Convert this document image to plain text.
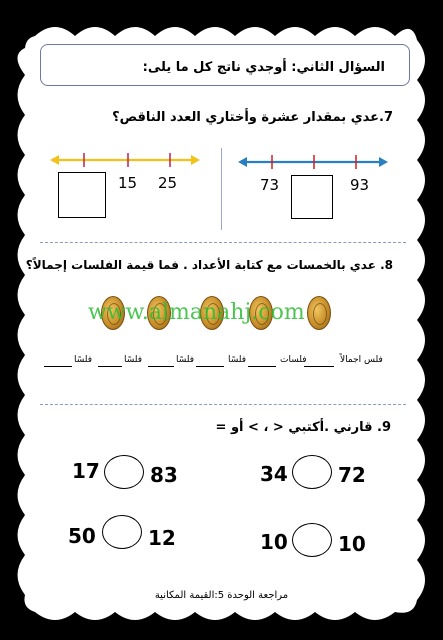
السؤال الثاني: أوجدي ناتج كل ما يلى:
7.عدي بمقدار عشرة وأختاري العدد الناقص؟
73	93
15 25
8. عدي بالخمسات مع كتابة الأعداد . فما قيمة الفلسات إجمالاً؟
www.almanahj.com
فلس اجمالاً
فلسات
فلسًا
فلسًا
فلسًا
فلسًا
9. قارني .أكتبي < ، > أو =
17	83	34	72
50	12	10	10
مراجعة الوحدة 5:القيمة المكانية
